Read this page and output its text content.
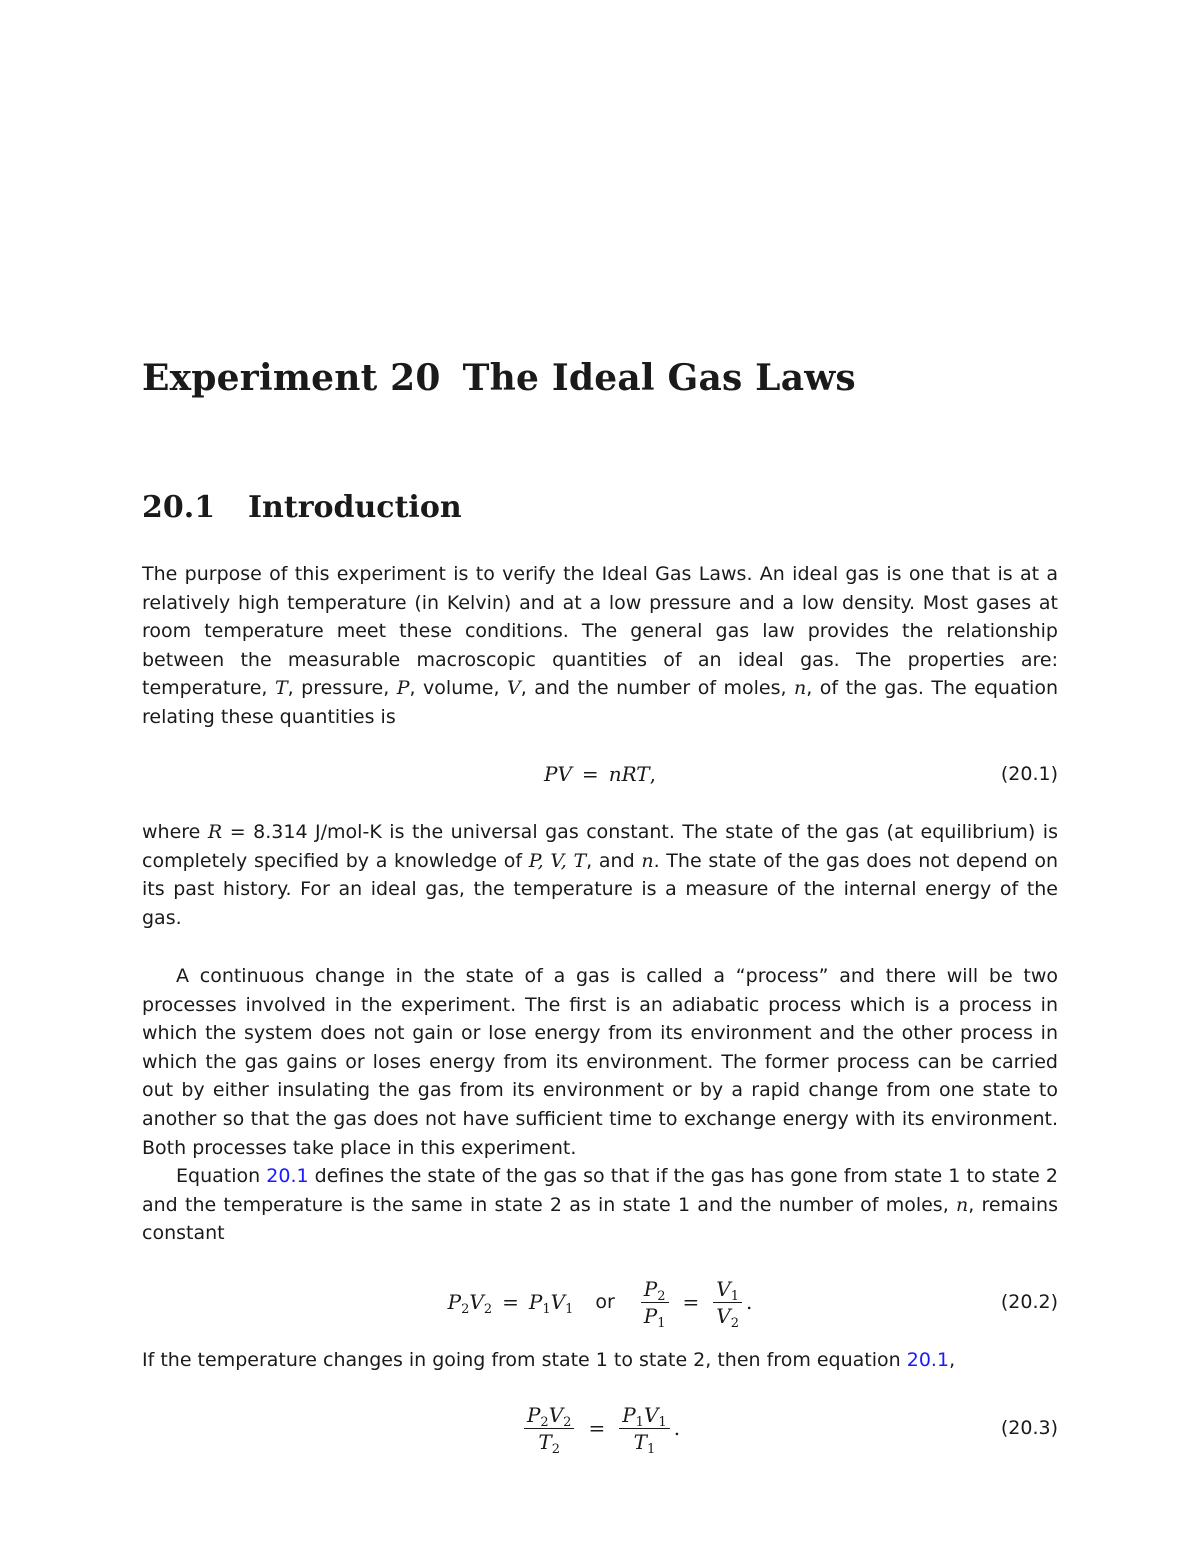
Experiment 20 The Ideal Gas Laws
20.1 Introduction

The purpose of this experiment is to verify the Ideal Gas Laws. An ideal gas is one that is at a relatively high temperature (in Kelvin) and at a low pressure and a low density. Most gases at room temperature meet these conditions. The general gas law provides the relationship between the measurable macroscopic quantities of an ideal gas. The properties are: temperature, T, pressure, P, volume, V, and the number of moles, n, of the gas. The equation relating these quantities is

PV = nRT ,	(20.1)

where R = 8.314 J/mol-K is the universal gas constant. The state of the gas (at equilibrium) is completely specified by a knowledge of P, V, T, and n. The state of the gas does not depend on its past history. For an ideal gas, the temperature is a measure of the internal energy of the gas.

A continuous change in the state of a gas is called a “process” and there will be two processes involved in the experiment. The first is an adiabatic process which is a process in which the system does not gain or lose energy from its environment and the other process in which the gas gains or loses energy from its environment. The former process can be carried out by either insulating the gas from its environment or by a rapid change from one state to another so that the gas does not have sufficient time to exchange energy with its environment. Both processes take place in this experiment.

Equation 20.1 defines the state of the gas so that if the gas has gone from state 1 to state 2 and the temperature is the same in state 2 as in state 1 and the number of moles, n, remains constant

$P_2V_2 = P_1V_1$ or $\frac{P_2}{P_1} = \frac{V_1}{V_2}$ .	(20.2)

If the temperature changes in going from state 1 to state 2, then from equation 20.1,

$\frac{P_2V_2}{T_2} = \frac{P_1V_1}{T_1}$ .	(20.3)
